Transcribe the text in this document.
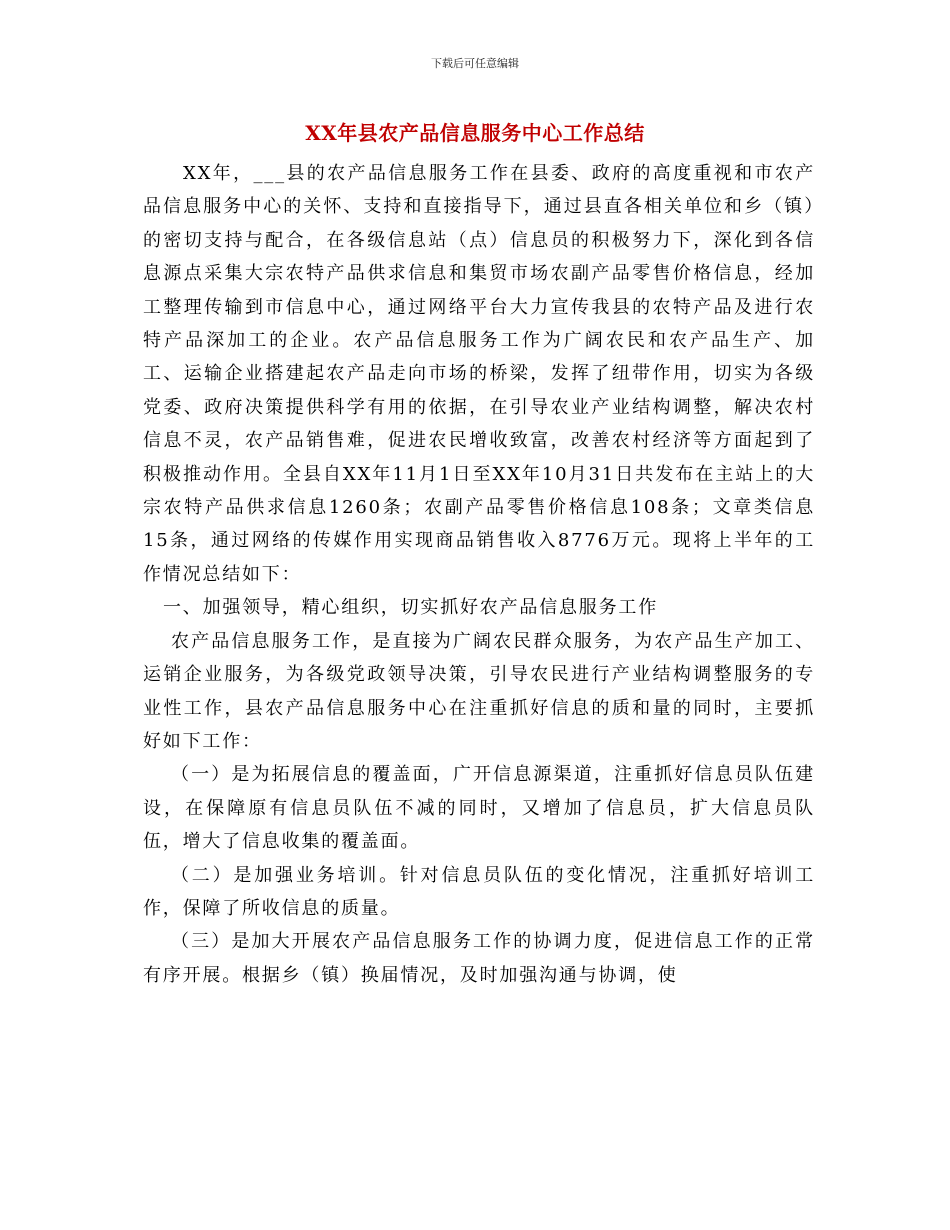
下载后可任意编辑
XX年县农产品信息服务中心工作总结

XX年，___县的农产品信息服务工作在县委、政府的高度重视和市农产品信息服务中心的关怀、支持和直接指导下，通过县直各相关单位和乡（镇）的密切支持与配合，在各级信息站（点）信息员的积极努力下，深化到各信息源点采集大宗农特产品供求信息和集贸市场农副产品零售价格信息，经加工整理传输到市信息中心，通过网络平台大力宣传我县的农特产品及进行农特产品深加工的企业。农产品信息服务工作为广阔农民和农产品生产、加工、运输企业搭建起农产品走向市场的桥梁，发挥了纽带作用，切实为各级党委、政府决策提供科学有用的依据，在引导农业产业结构调整，解决农村信息不灵，农产品销售难，促进农民增收致富，改善农村经济等方面起到了积极推动作用。全县自XX年11月1日至XX年10月31日共发布在主站上的大宗农特产品供求信息1260条；农副产品零售价格信息108条；文章类信息15条，通过网络的传媒作用实现商品销售收入8776万元。现将上半年的工作情况总结如下：

一、加强领导，精心组织，切实抓好农产品信息服务工作

农产品信息服务工作，是直接为广阔农民群众服务，为农产品生产加工、运销企业服务，为各级党政领导决策，引导农民进行产业结构调整服务的专业性工作，县农产品信息服务中心在注重抓好信息的质和量的同时，主要抓好如下工作：

（一）是为拓展信息的覆盖面，广开信息源渠道，注重抓好信息员队伍建设，在保障原有信息员队伍不减的同时，又增加了信息员，扩大信息员队伍，增大了信息收集的覆盖面。

（二）是加强业务培训。针对信息员队伍的变化情况，注重抓好培训工作，保障了所收信息的质量。

（三）是加大开展农产品信息服务工作的协调力度，促进信息工作的正常有序开展。根据乡（镇）换届情况，及时加强沟通与协调，使
